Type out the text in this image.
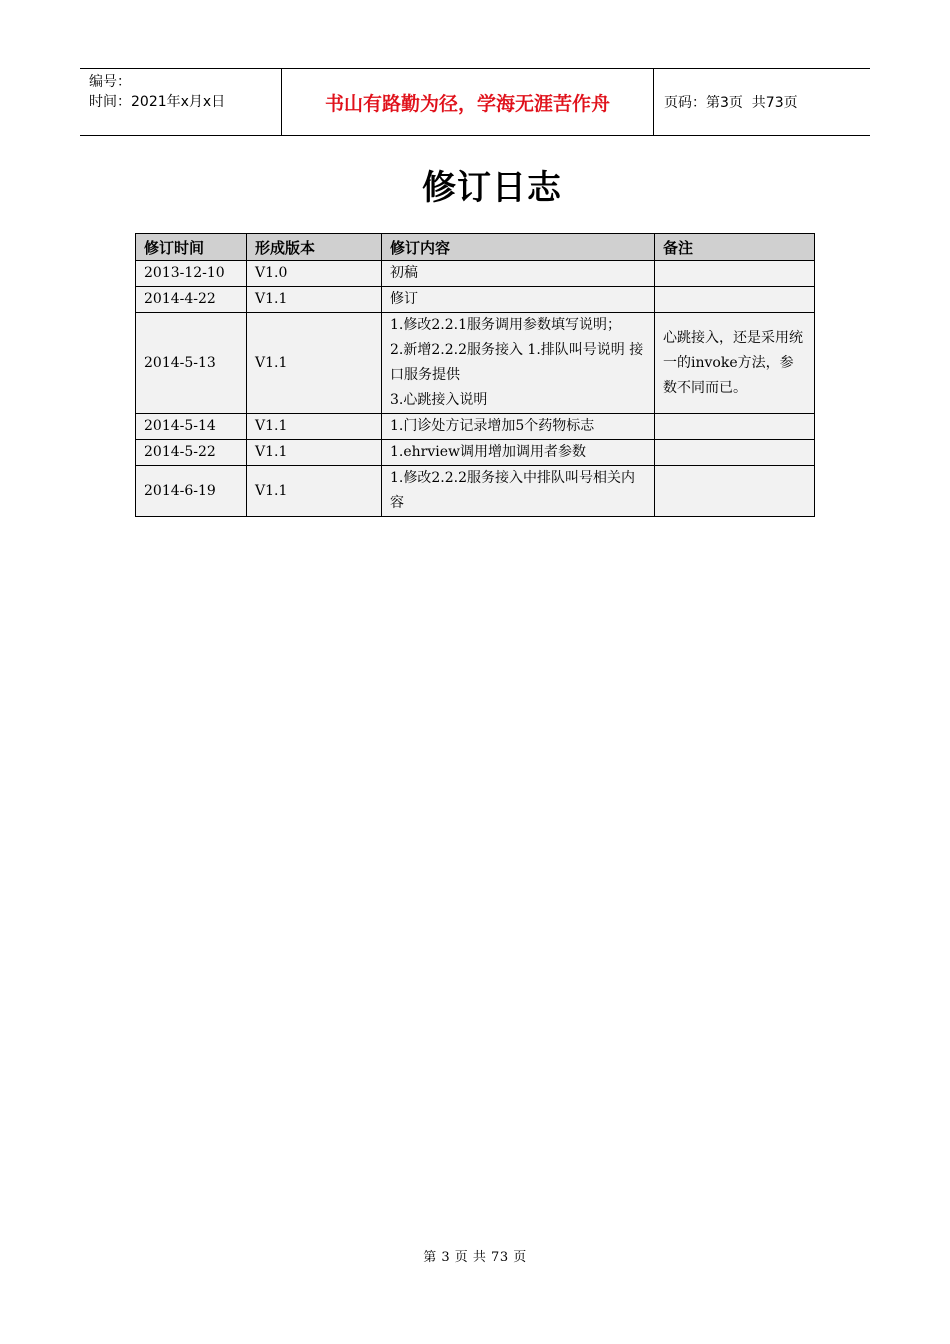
编号：
时间：2021年x月x日	书山有路勤为径，学海无涯苦作舟	页码：第3页  共73页
修订日志
修订时间	形成版本	修订内容	备注
2013-12-10	V1.0	初稿	
2014-4-22	V1.1	修订	
2014-5-13	V1.1	1.修改2.2.1服务调用参数填写说明；
2.新增2.2.2服务接入 1.排队叫号说明 接口服务提供
3.心跳接入说明	心跳接入，还是采用统一的invoke方法，参数不同而已。
2014-5-14	V1.1	1.门诊处方记录增加5个药物标志	
2014-5-22	V1.1	1.ehrview调用增加调用者参数	
2014-6-19	V1.1	1.修改2.2.2服务接入中排队叫号相关内容	
第 3 页 共 73 页
